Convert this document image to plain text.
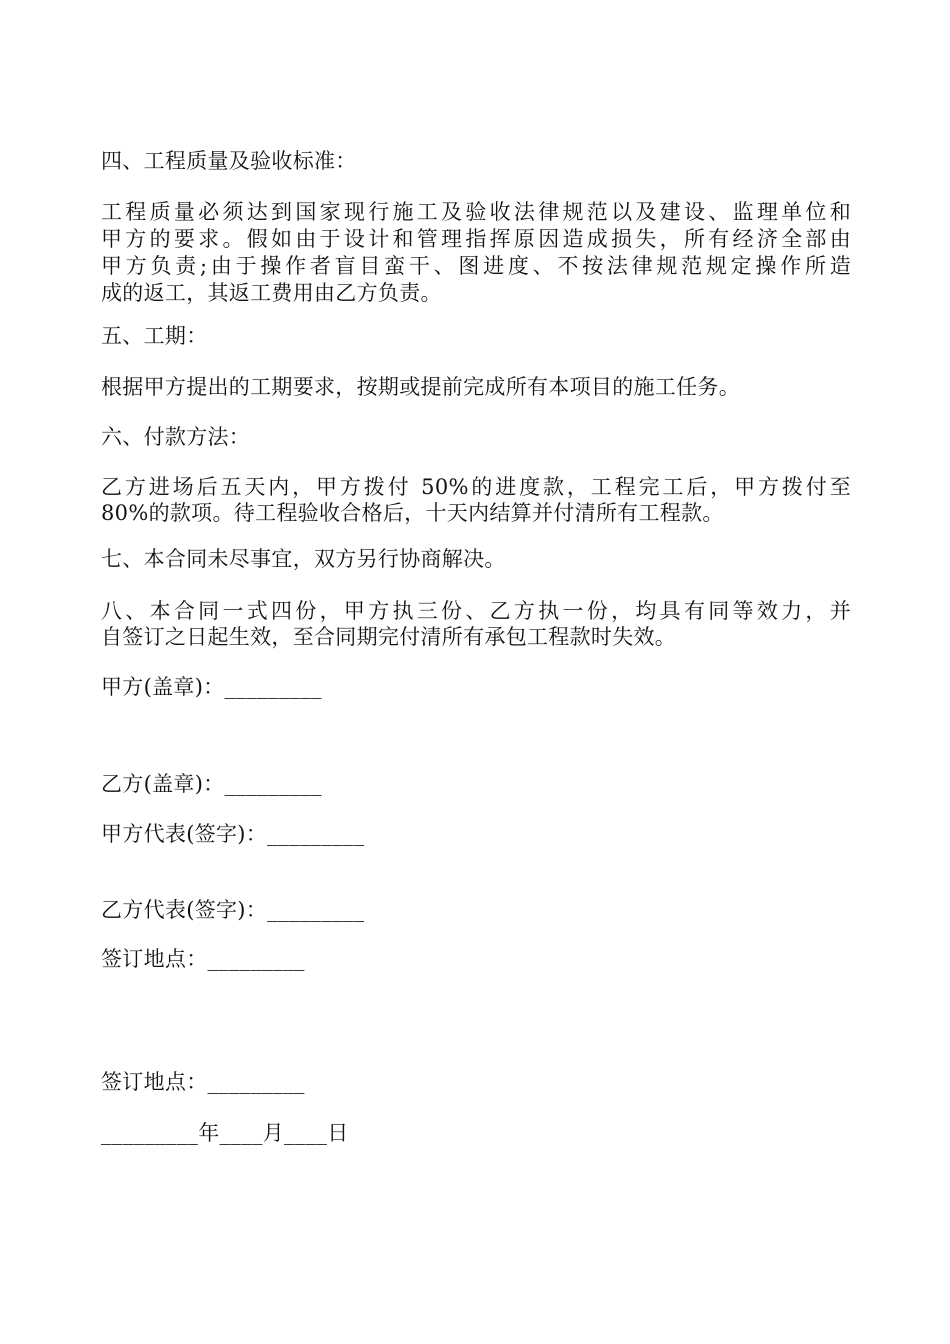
四、工程质量及验收标准：
工程质量必须达到国家现行施工及验收法律规范以及建设、监理单位和
甲方的要求。假如由于设计和管理指挥原因造成损失，所有经济全部由
甲方负责;由于操作者盲目蛮干、图进度、不按法律规范规定操作所造
成的返工，其返工费用由乙方负责。
五、工期：
根据甲方提出的工期要求，按期或提前完成所有本项目的施工任务。
六、付款方法：
乙方进场后五天内，甲方拨付 50%的进度款，工程完工后，甲方拨付至
80%的款项。待工程验收合格后，十天内结算并付清所有工程款。
七、本合同未尽事宜，双方另行协商解决。
八、本合同一式四份，甲方执三份、乙方执一份，均具有同等效力，并
自签订之日起生效，至合同期完付清所有承包工程款时失效。
甲方(盖章)：_________
乙方(盖章)：_________
甲方代表(签字)：_________
乙方代表(签字)：_________
签订地点：_________
签订地点：_________
_________年____月____日
